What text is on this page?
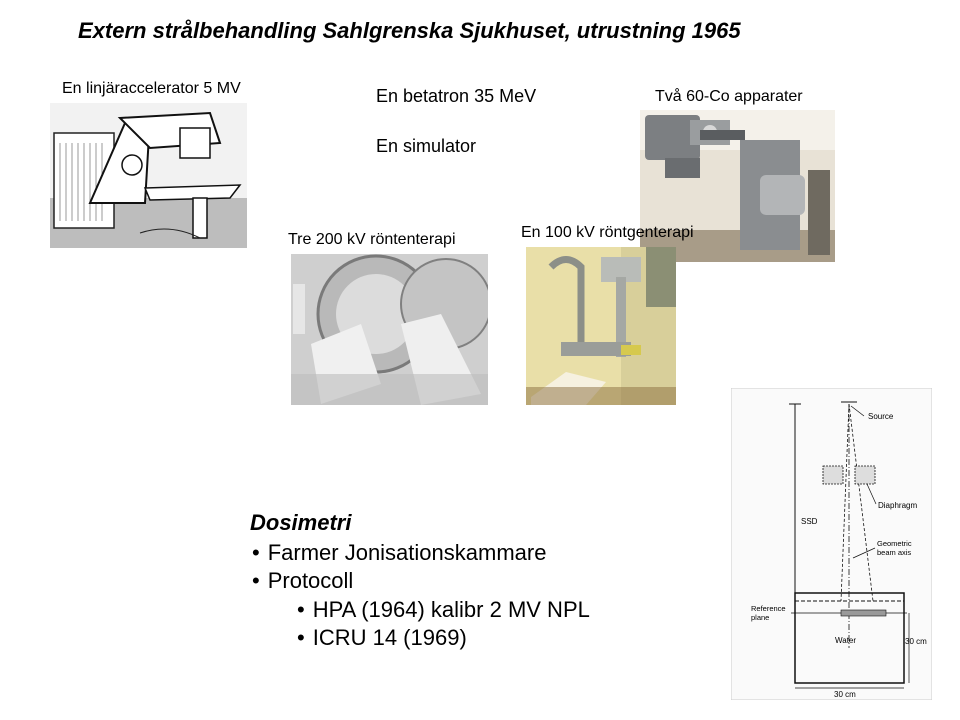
Extern strålbehandling Sahlgrenska Sjukhuset, utrustning 1965
En linjäraccelerator 5 MV	En betatron 35 MeV
En simulator
Två 60-Co apparater
Tre 200 kV röntenterapi	En 100 kV röntgenterapi
Dosimetri
• Farmer Jonisationskammare
• Protocoll
• HPA (1964) kalibr 2 MV NPL
• ICRU 14 (1969)
Source
Diaphragm
SSD
Geometric
beam axis
Reference
plane
Water	30 cm
30 cm
